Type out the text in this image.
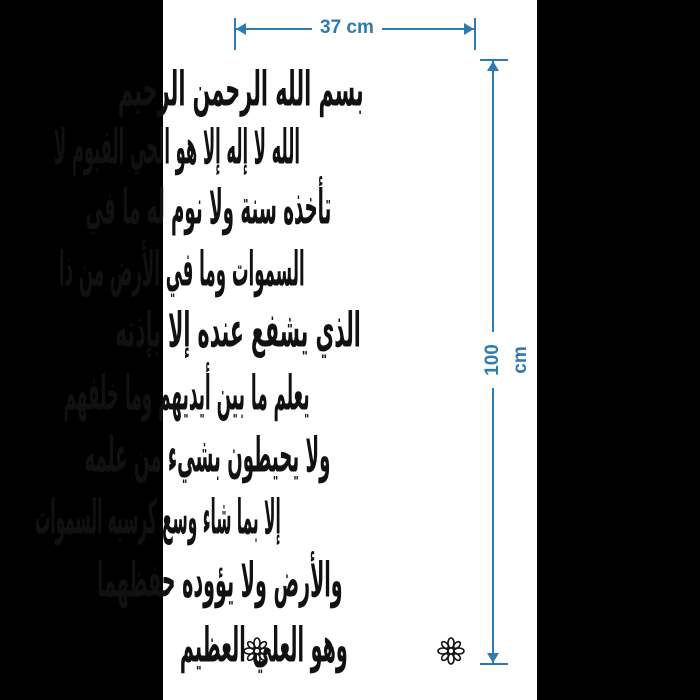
37 cm
100 cm
بسم الله الرحمن الرحيم
الله لا إله إلا هو الحي القيوم لا
تأخذه سنة ولا نوم له ما في
السموات وما في الأرض من ذا
الذي يشفع عنده إلا بإذنه
يعلم ما بين أيديهم وما خلفهم
ولا يحيطون بشيء من علمه
إلا بما شاء وسع كرسيه السموات
والأرض ولا يؤوده حفظهما
وهو العلي العظيم
